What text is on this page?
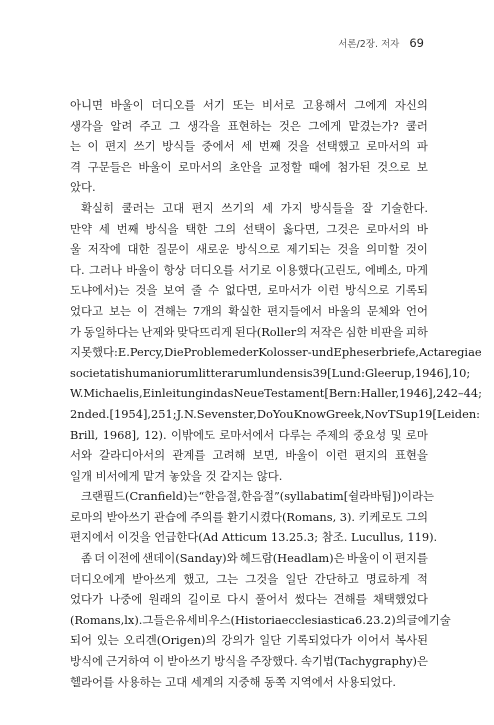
서론/2장. 저자 69
아니면 바울이 더디오를 서기 또는 비서로 고용해서 그에게 자신의
생각을 알려 주고 그 생각을 표현하는 것은 그에게 맡겼는가? 쿨러
는 이 편지 쓰기 방식들 중에서 세 번째 것을 선택했고 로마서의 파
격 구문들은 바울이 로마서의 초안을 교정할 때에 첨가된 것으로 보
았다.
확실히 쿨러는 고대 편지 쓰기의 세 가지 방식들을 잘 기술한다.
만약 세 번째 방식을 택한 그의 선택이 옳다면, 그것은 로마서의 바
울 저작에 대한 질문이 새로운 방식으로 제기되는 것을 의미할 것이
다. 그러나 바울이 항상 더디오를 서기로 이용했다(고린도, 에베소, 마게
도냐에서)는 것을 보여 줄 수 없다면, 로마서가 이런 방식으로 기록되
었다고 보는 이 견해는 7개의 확실한 편지들에서 바울의 문체와 언어
가 동일하다는 난제와 맞닥뜨리게 된다(Roller의 저작은 심한 비판을 피하
지 못했다: E. Percy, Die Probleme der Kolosser-und Epheserbriefe, Acta regiae
societatis humaniorum litterarum lundensis 39 [Lund: Gleerup, 1946], 10;
W. Michaelis, Einleitung in das Neue Testament [Bern: Haller, 1946], 242–44;
2nd ed. [1954], 251; J. N. Sevenster, Do You Know Greek, NovTSup 19 [Leiden:
Brill, 1968], 12). 이밖에도 로마서에서 다루는 주제의 중요성 및 로마
서와 갈라디아서의 관계를 고려해 보면, 바울이 이런 편지의 표현을
일개 비서에게 맡겨 놓았을 것 같지는 않다.
크랜필드(Cranfield)는 “한 음절, 한 음절”(syllabatim[쉴라바팀])이라는
로마의 받아쓰기 관습에 주의를 환기시켰다(Romans, 3). 키케로도 그의
편지에서 이것을 언급한다(Ad Atticum 13.25.3; 참조. Lucullus, 119).
좀 더 이전에 샌데이(Sanday)와 헤드람(Headlam)은 바울이 이 편지를
더디오에게 받아쓰게 했고, 그는 그것을 일단 간단하고 명료하게 적
었다가 나중에 원래의 길이로 다시 풀어서 썼다는 견해를 채택했었다
(Romans, lx). 그들은 유세비우스(Historia ecclesiastica 6.23.2)의 글에 기술
되어 있는 오리겐(Origen)의 강의가 일단 기록되었다가 이어서 복사된
방식에 근거하여 이 받아쓰기 방식을 주장했다. 속기법(Tachygraphy)은
헬라어를 사용하는 고대 세계의 지중해 동쪽 지역에서 사용되었다.
